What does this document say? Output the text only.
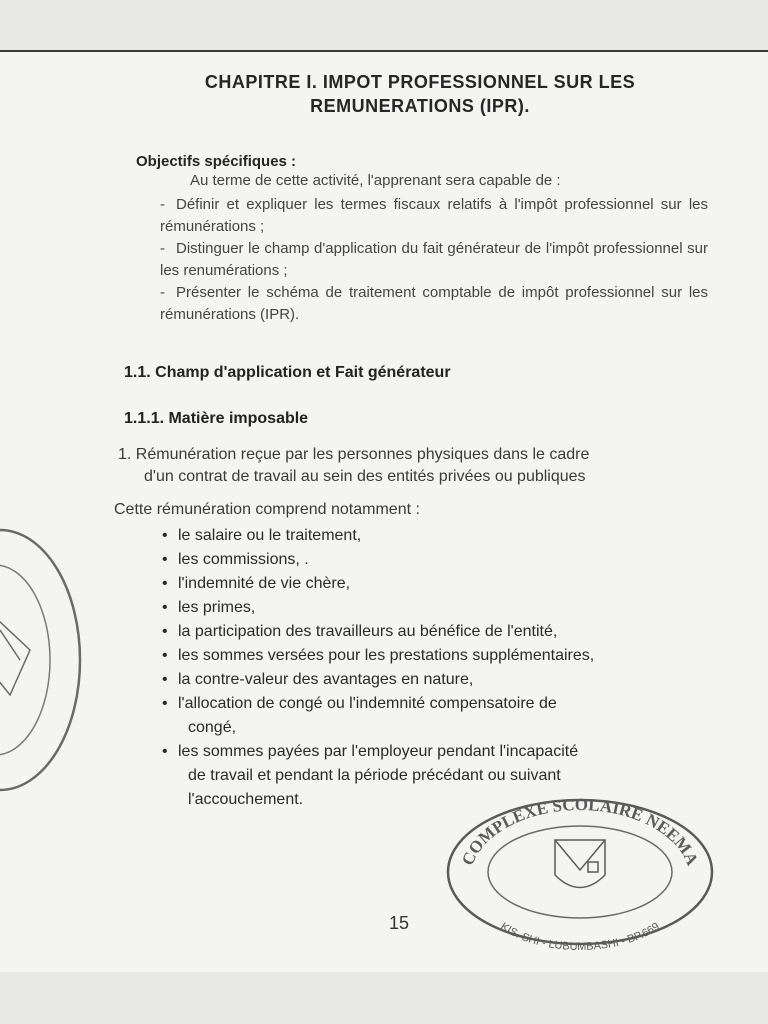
CHAPITRE I. IMPOT PROFESSIONNEL SUR LES
REMUNERATIONS (IPR).
Objectifs spécifiques :
Au terme de cette activité, l'apprenant sera capable de :
- Définir et expliquer les termes fiscaux relatifs à l'impôt professionnel sur les rémunérations ;
- Distinguer le champ d'application du fait générateur de l'impôt professionnel sur les renumérations ;
- Présenter le schéma de traitement comptable de impôt professionnel sur les rémunérations (IPR).
1.1. Champ d'application et Fait générateur
1.1.1. Matière imposable
1. Rémunération reçue par les personnes physiques dans le cadre
d'un contrat de travail au sein des entités privées ou publiques
Cette rémunération comprend notamment :
• le salaire ou le traitement,
• les commissions, .
• l'indemnité de vie chère,
• les primes,
• la participation des travailleurs au bénéfice de l'entité,
• les sommes versées pour les prestations supplémentaires,
• la contre-valeur des avantages en nature,
• l'allocation de congé ou l'indemnité compensatoire de
congé,
• les sommes payées par l'employeur pendant l'incapacité
de travail et pendant la période précédant ou suivant
l'accouchement.
15
COMPLEXE SCOLAIRE NEEMA
KIS. SHI - LUBUMBASHI - BP.669
